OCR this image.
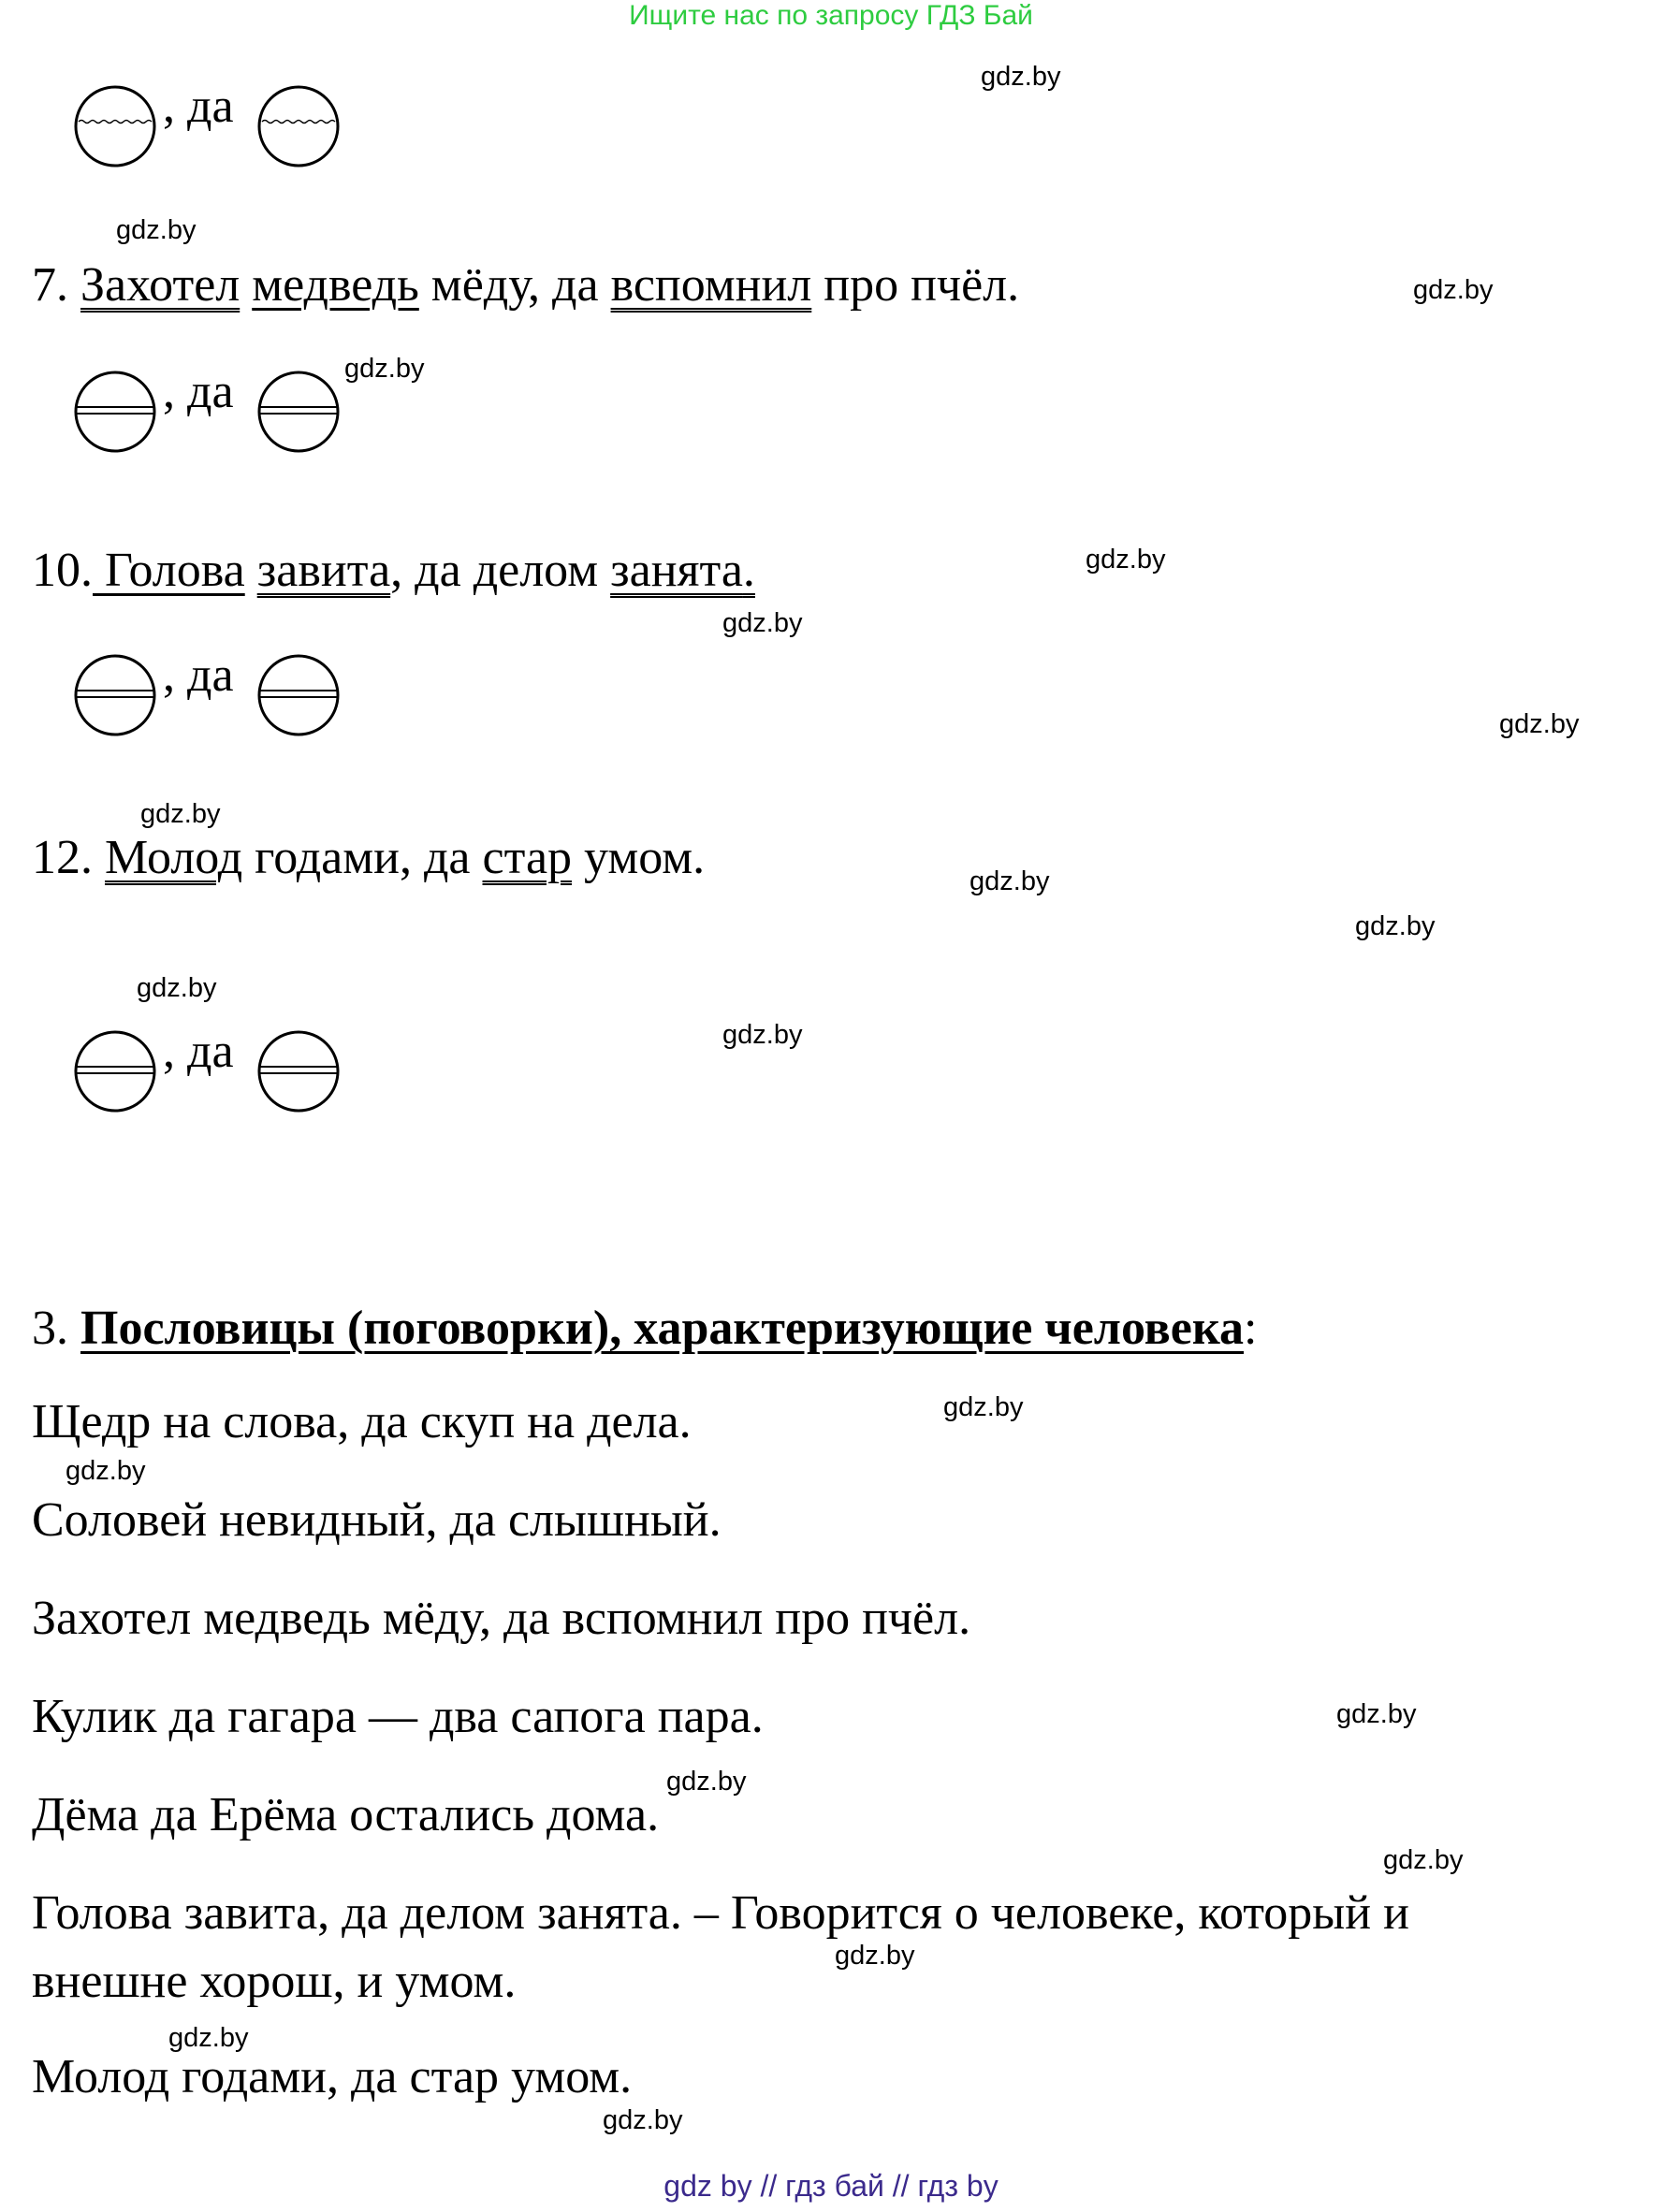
Ищите нас по запросу ГДЗ Бай
, да
7. Захотел медведь мёду, да вспомнил про пчёл.
, да
10. Голова завита, да делом занята.
, да
12. Молод годами, да стар умом.
, да
3. Пословицы (поговорки), характеризующие человека:
Щедр на слова, да скуп на дела.
Соловей невидный, да слышный.
Захотел медведь мёду, да вспомнил про пчёл.
Кулик да гагара — два сапога пара.
Дёма да Ерёма остались дома.
Голова завита, да делом занята. – Говорится о человеке, который и
внешне хорош, и умом.
Молод годами, да стар умом.
gdz.by
gdz.by
gdz.by
gdz.by
gdz.by
gdz.by
gdz.by
gdz.by
gdz.by
gdz.by
gdz.by
gdz.by
gdz.by
gdz.by
gdz.by
gdz.by
gdz.by
gdz.by
gdz.by
gdz.by
gdz by // гдз бай // гдз by
